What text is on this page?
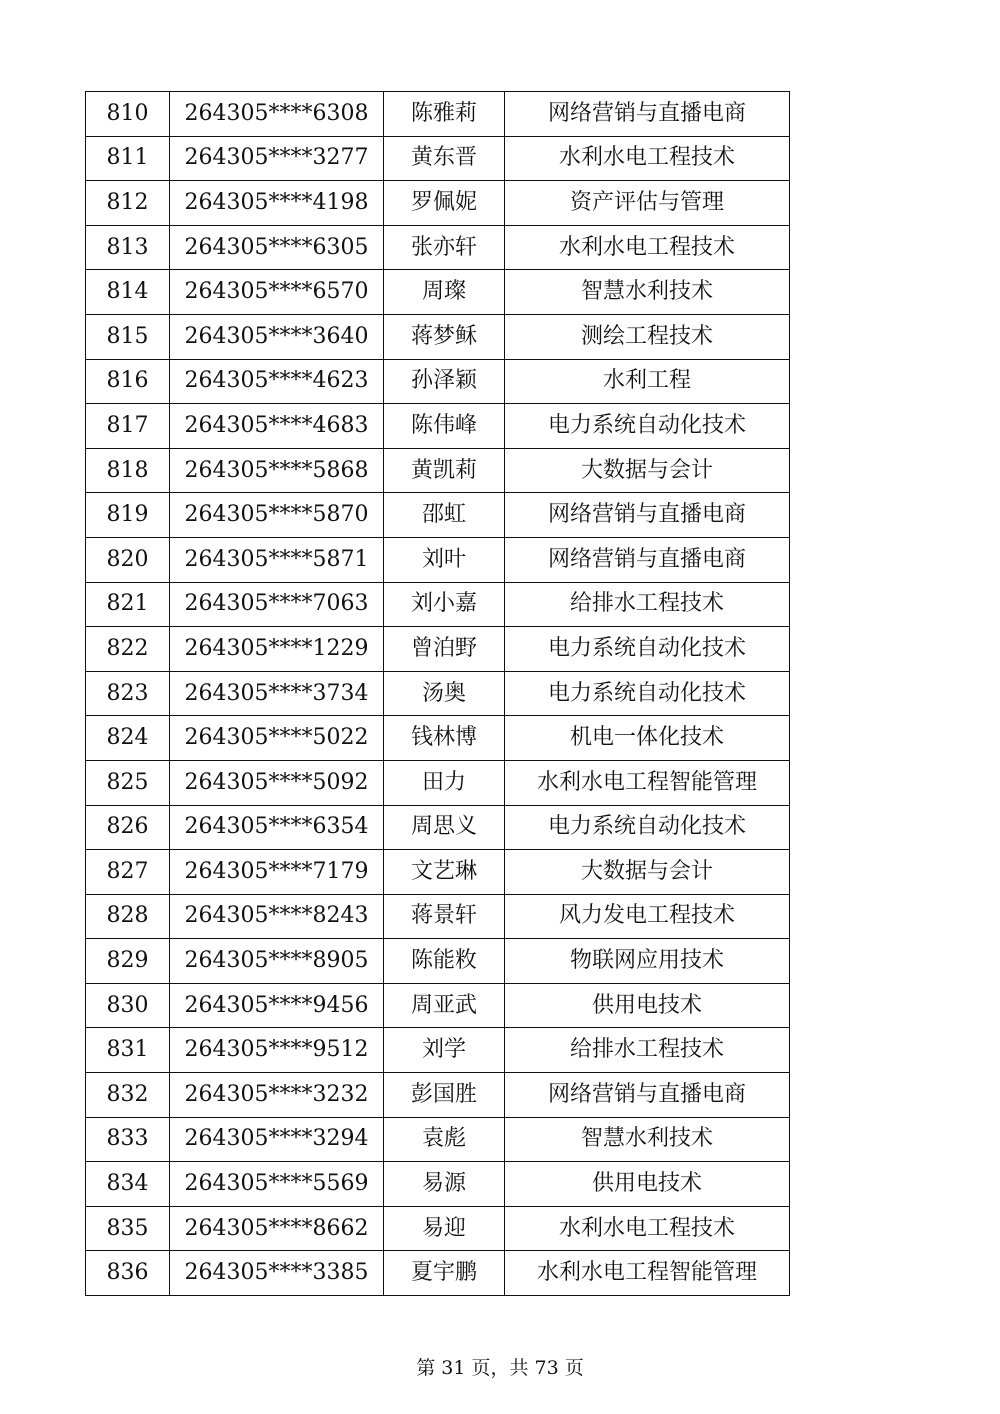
810	264305****6308	陈雅莉	网络营销与直播电商
811	264305****3277	黄东晋	水利水电工程技术
812	264305****4198	罗佩妮	资产评估与管理
813	264305****6305	张亦轩	水利水电工程技术
814	264305****6570	周璨	智慧水利技术
815	264305****3640	蒋梦稣	测绘工程技术
816	264305****4623	孙泽颖	水利工程
817	264305****4683	陈伟峰	电力系统自动化技术
818	264305****5868	黄凯莉	大数据与会计
819	264305****5870	邵虹	网络营销与直播电商
820	264305****5871	刘叶	网络营销与直播电商
821	264305****7063	刘小嘉	给排水工程技术
822	264305****1229	曾泊野	电力系统自动化技术
823	264305****3734	汤奥	电力系统自动化技术
824	264305****5022	钱林博	机电一体化技术
825	264305****5092	田力	水利水电工程智能管理
826	264305****6354	周思义	电力系统自动化技术
827	264305****7179	文艺琳	大数据与会计
828	264305****8243	蒋景轩	风力发电工程技术
829	264305****8905	陈能敉	物联网应用技术
830	264305****9456	周亚武	供用电技术
831	264305****9512	刘学	给排水工程技术
832	264305****3232	彭国胜	网络营销与直播电商
833	264305****3294	袁彪	智慧水利技术
834	264305****5569	易源	供用电技术
835	264305****8662	易迎	水利水电工程技术
836	264305****3385	夏宇鹏	水利水电工程智能管理
第 31 页，共 73 页
